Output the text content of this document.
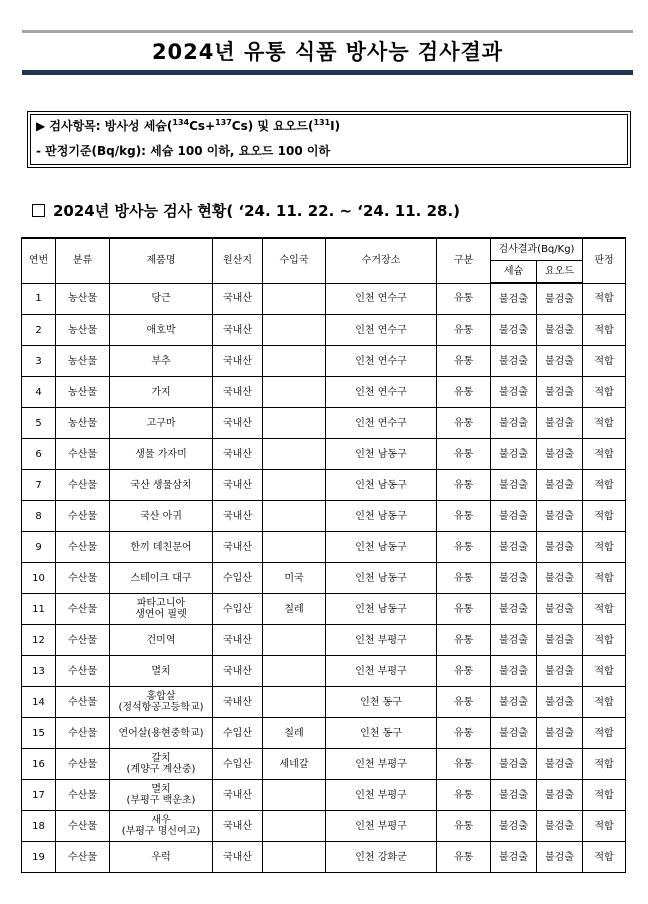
2024년 유통 식품 방사능 검사결과
▶ 검사항목: 방사성 세슘($^{134}$Cs+$^{137}$Cs) 및 요오드($^{131}$I)
- 판정기준(Bq/kg): 세슘 100 이하, 요오드 100 이하
2024년 방사능 검사 현황( ‘24. 11. 22. ~ ‘24. 11. 28.)
연번	분류	제품명	원산지	수입국	수거장소	구분	검사결과(Bq/Kg)		판정
							세슘	요오드	
1	농산물	당근	국내산		인천 연수구	유통	불검출	불검출	적합
2	농산물	애호박	국내산		인천 연수구	유통	불검출	불검출	적합
3	농산물	부추	국내산		인천 연수구	유통	불검출	불검출	적합
4	농산물	가지	국내산		인천 연수구	유통	불검출	불검출	적합
5	농산물	고구마	국내산		인천 연수구	유통	불검출	불검출	적합
6	수산물	생물 가자미	국내산		인천 남동구	유통	불검출	불검출	적합
7	수산물	국산 생물삼치	국내산		인천 남동구	유통	불검출	불검출	적합
8	수산물	국산 아귀	국내산		인천 남동구	유통	불검출	불검출	적합
9	수산물	한끼 데친문어	국내산		인천 남동구	유통	불검출	불검출	적합
10	수산물	스테이크 대구	수입산	미국	인천 남동구	유통	불검출	불검출	적합
11	수산물	파타고니아
생연어 필렛	수입산	칠레	인천 남동구	유통	불검출	불검출	적합
12	수산물	건미역	국내산		인천 부평구	유통	불검출	불검출	적합
13	수산물	멸치	국내산		인천 부평구	유통	불검출	불검출	적합
14	수산물	홍합살
(정석항공고등학교)	국내산		인천 동구	유통	불검출	불검출	적합
15	수산물	연어살(용현중학교)	수입산	칠레	인천 동구	유통	불검출	불검출	적합
16	수산물	갈치
(계양구 계산중)	수입산	세네갈	인천 부평구	유통	불검출	불검출	적합
17	수산물	멸치
(부평구 백운초)	국내산		인천 부평구	유통	불검출	불검출	적합
18	수산물	새우
(부평구 명신여고)	국내산		인천 부평구	유통	불검출	불검출	적합
19	수산물	우럭	국내산		인천 강화군	유통	불검출	불검출	적합
